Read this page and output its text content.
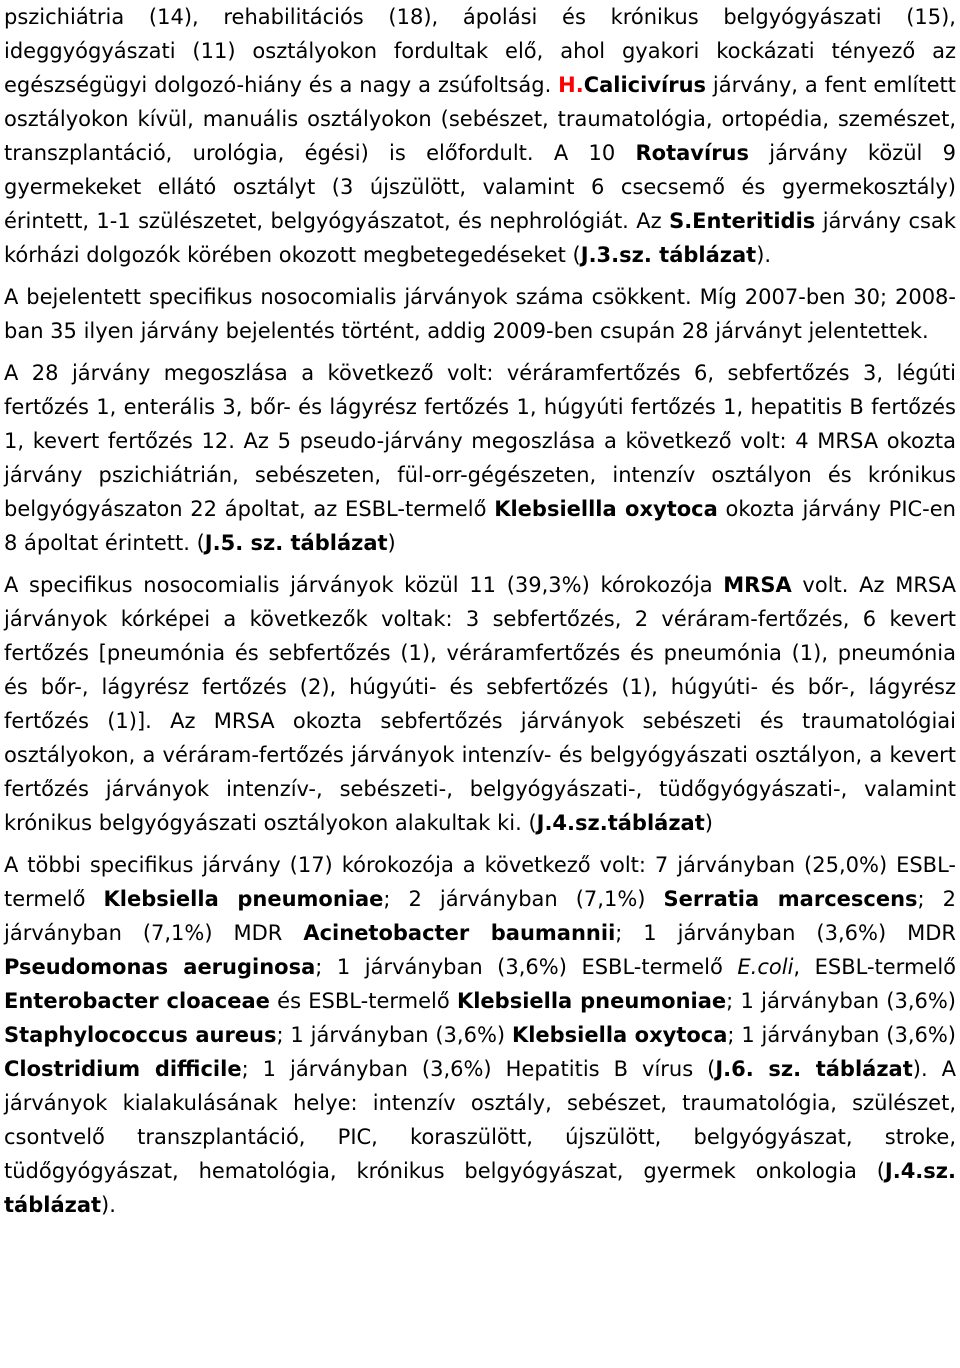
pszichiátria (14), rehabilitációs (18), ápolási és krónikus belgyógyászati (15), ideggyógyászati (11) osztályokon fordultak elő, ahol gyakori kockázati tényező az egészségügyi dolgozó-hiány és a nagy a zsúfoltság. H.Calicivírus járvány, a fent említett osztályokon kívül, manuális osztályokon (sebészet, traumatológia, ortopédia, szemészet, transzplantáció, urológia, égési) is előfordult. A 10 Rotavírus járvány közül 9 gyermekeket ellátó osztályt (3 újszülött, valamint 6 csecsemő és gyermekosztály) érintett, 1-1 szülészetet, belgyógyászatot, és nephrológiát. Az S.Enteritidis járvány csak kórházi dolgozók körében okozott megbetegedéseket (J.3.sz. táblázat).

A bejelentett specifikus nosocomialis járványok száma csökkent. Míg 2007-ben 30; 2008-ban 35 ilyen járvány bejelentés történt, addig 2009-ben csupán 28 járványt jelentettek.

A 28 járvány megoszlása a következő volt: véráramfertőzés 6, sebfertőzés 3, légúti fertőzés 1, enterális 3, bőr- és lágyrész fertőzés 1, húgyúti fertőzés 1, hepatitis B fertőzés 1, kevert fertőzés 12. Az 5 pseudo-járvány megoszlása a következő volt: 4 MRSA okozta járvány pszichiátrián, sebészeten, fül-orr-gégészeten, intenzív osztályon és krónikus belgyógyászaton 22 ápoltat, az ESBL-termelő Klebsiellla oxytoca okozta járvány PIC-en 8 ápoltat érintett. (J.5. sz. táblázat)

A specifikus nosocomialis járványok közül 11 (39,3%) kórokozója MRSA volt. Az MRSA járványok kórképei a következők voltak: 3 sebfertőzés, 2 véráram-fertőzés, 6 kevert fertőzés [pneumónia és sebfertőzés (1), véráramfertőzés és pneumónia (1), pneumónia és bőr-, lágyrész fertőzés (2), húgyúti- és sebfertőzés (1), húgyúti- és bőr-, lágyrész fertőzés (1)]. Az MRSA okozta sebfertőzés járványok sebészeti és traumatológiai osztályokon, a véráram-fertőzés járványok intenzív- és belgyógyászati osztályon, a kevert fertőzés járványok intenzív-, sebészeti-, belgyógyászati-, tüdőgyógyászati-, valamint krónikus belgyógyászati osztályokon alakultak ki. (J.4.sz.táblázat)

A többi specifikus járvány (17) kórokozója a következő volt: 7 járványban (25,0%) ESBL-termelő Klebsiella pneumoniae; 2 járványban (7,1%) Serratia marcescens; 2 járványban (7,1%) MDR Acinetobacter baumannii; 1 járványban (3,6%) MDR Pseudomonas aeruginosa; 1 járványban (3,6%) ESBL-termelő E.coli, ESBL-termelő Enterobacter cloaceae és ESBL-termelő Klebsiella pneumoniae; 1 járványban (3,6%) Staphylococcus aureus; 1 járványban (3,6%) Klebsiella oxytoca; 1 járványban (3,6%) Clostridium difficile; 1 járványban (3,6%) Hepatitis B vírus (J.6. sz. táblázat). A járványok kialakulásának helye: intenzív osztály, sebészet, traumatológia, szülészet, csontvelő transzplantáció, PIC, koraszülött, újszülött, belgyógyászat, stroke, tüdőgyógyászat, hematológia, krónikus belgyógyászat, gyermek onkologia (J.4.sz. táblázat).
